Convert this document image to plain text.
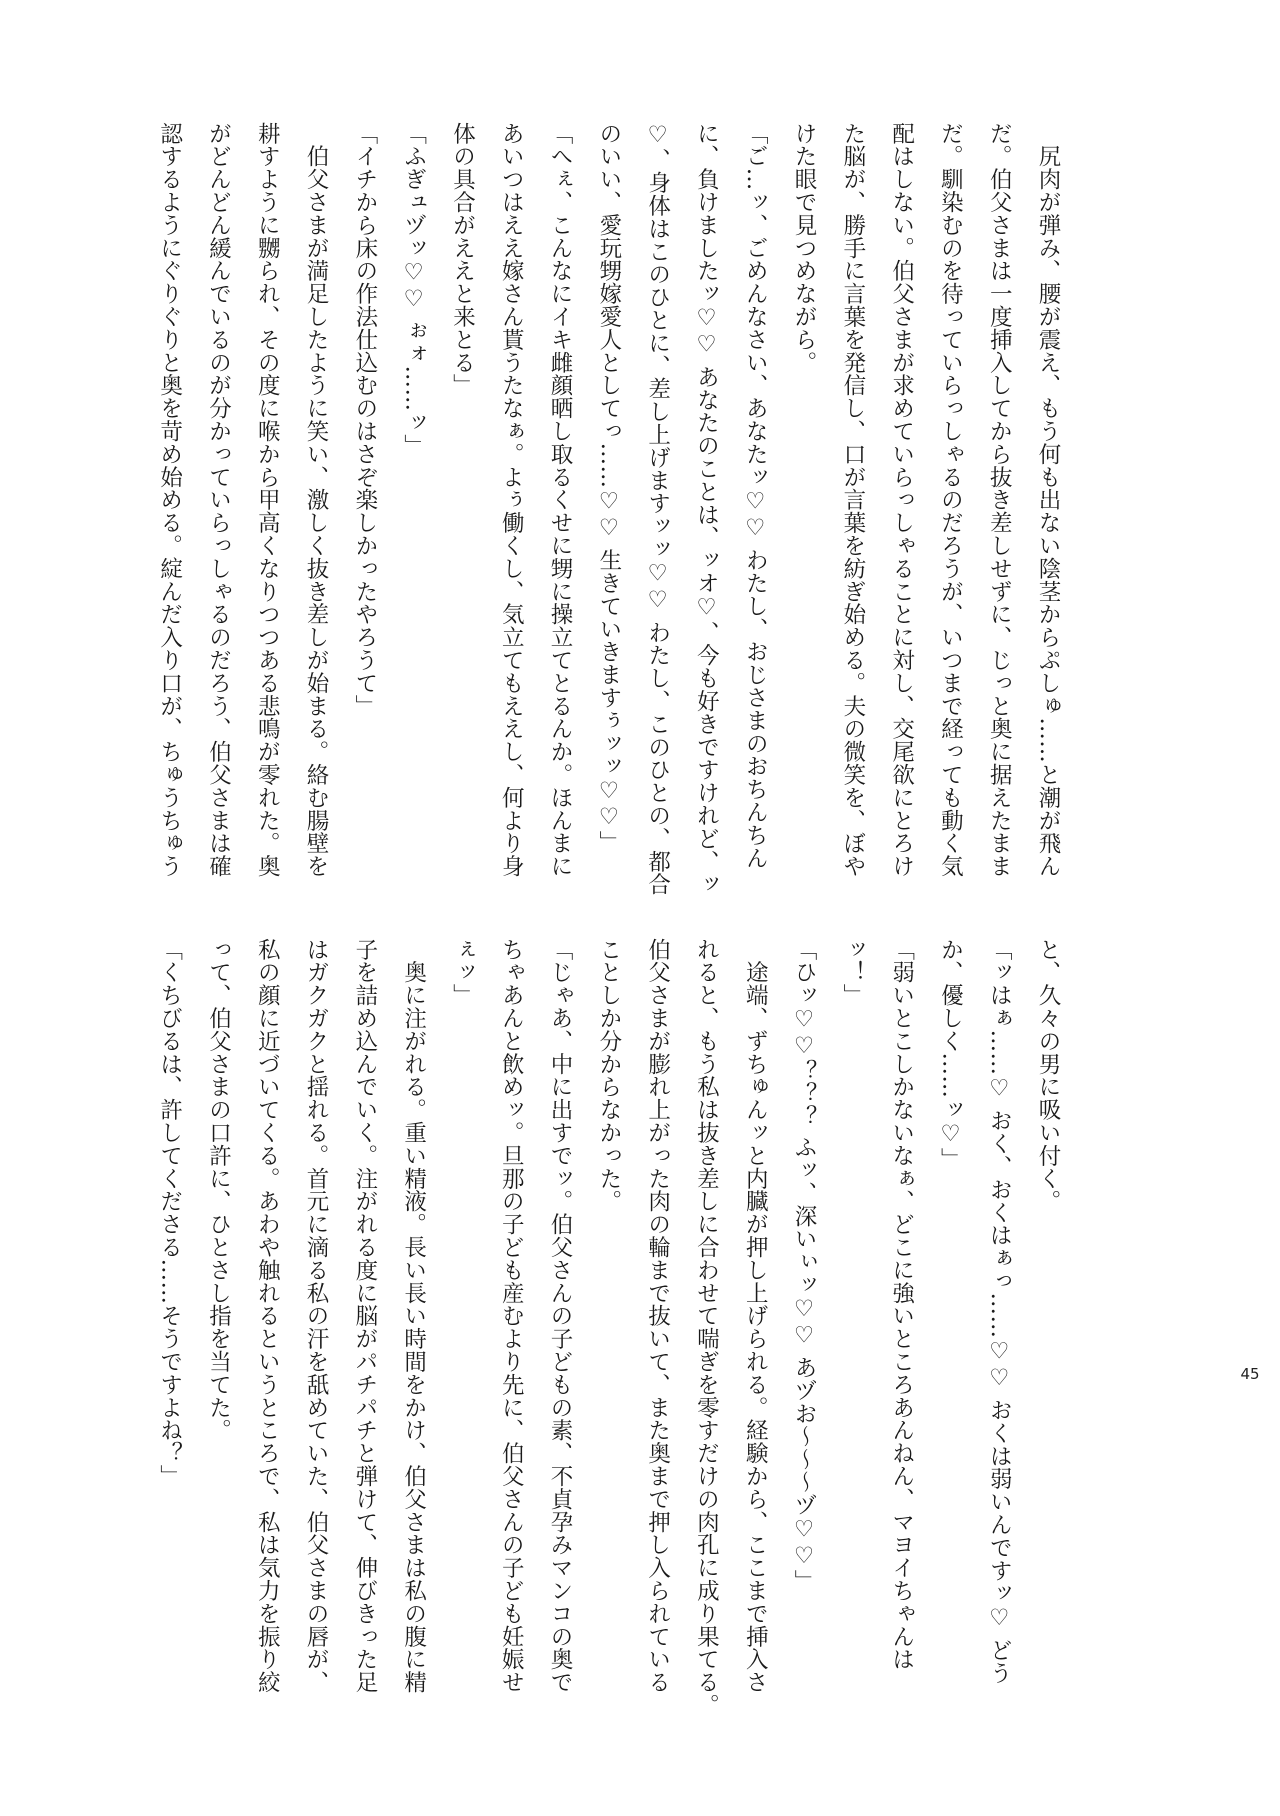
　尻肉が弾み、腰が震え、もう何も出ない陰茎からぷしゅ……と潮が飛ん
だ。伯父さまは一度挿入してから抜き差しせずに、じっと奥に据えたまま
だ。馴染むのを待っていらっしゃるのだろうが、いつまで経っても動く気
配はしない。伯父さまが求めていらっしゃることに対し、交尾欲にとろけ
た脳が、勝手に言葉を発信し、口が言葉を紡ぎ始める。夫の微笑を、ぼや
けた眼で見つめながら。
「ご…ッ、ごめんなさい、あなたッ♡♡ わたし、おじさまのおちんちん
に、負けましたッ♡♡ あなたのことは、ッオ♡、今も好きですけれど、ッ
♡、身体はこのひとに、差し上げますッッ♡♡ わたし、このひとの、都合
のいい、愛玩甥嫁愛人としてっ……♡♡ 生きていきますぅッッ♡♡」
「へぇ、こんなにイキ雌顔晒し取るくせに甥に操立てとるんか。ほんまに
あいつはええ嫁さん貰うたなぁ。よぅ働くし、気立てもええし、何より身
体の具合がええと来とる」
「ふぎュヅッ♡♡ ぉォ……ッ」
「イチから床の作法仕込むのはさぞ楽しかったやろうて」
　伯父さまが満足したように笑い、激しく抜き差しが始まる。絡む腸壁を
耕すように嬲られ、その度に喉から甲高くなりつつある悲鳴が零れた。奥
がどんどん緩んでいるのが分かっていらっしゃるのだろう、伯父さまは確
認するようにぐりぐりと奥を苛め始める。綻んだ入り口が、ちゅうちゅう
と、久々の男に吸い付く。
「ッはぁ……♡ おく、おくはぁっ……♡♡ おくは弱いんですッ♡ どう
か、優しく……ッ♡」
「弱いとこしかないなぁ、どこに強いところあんねん、マヨイちゃんは
ッ！」
「ひッ♡♡？？？ ふッ、深いぃッ♡♡ あヅお～～～ヅ♡♡」
　途端、ずちゅんッと内臓が押し上げられる。経験から、ここまで挿入さ
れると、もう私は抜き差しに合わせて喘ぎを零すだけの肉孔に成り果てる。
伯父さまが膨れ上がった肉の輪まで抜いて、また奥まで押し入られている
ことしか分からなかった。
「じゃあ、中に出すでッ。伯父さんの子どもの素、不貞孕みマンコの奥で
ちゃあんと飲めッ。旦那の子ども産むより先に、伯父さんの子ども妊娠せ
ぇッ」
　奥に注がれる。重い精液。長い長い時間をかけ、伯父さまは私の腹に精
子を詰め込んでいく。注がれる度に脳がパチパチと弾けて、伸びきった足
はガクガクと揺れる。首元に滴る私の汗を舐めていた、伯父さまの唇が、
私の顔に近づいてくる。あわや触れるというところで、私は気力を振り絞
って、伯父さまの口許に、ひとさし指を当てた。
「くちびるは、許してくださる……そうですよね？」	45
